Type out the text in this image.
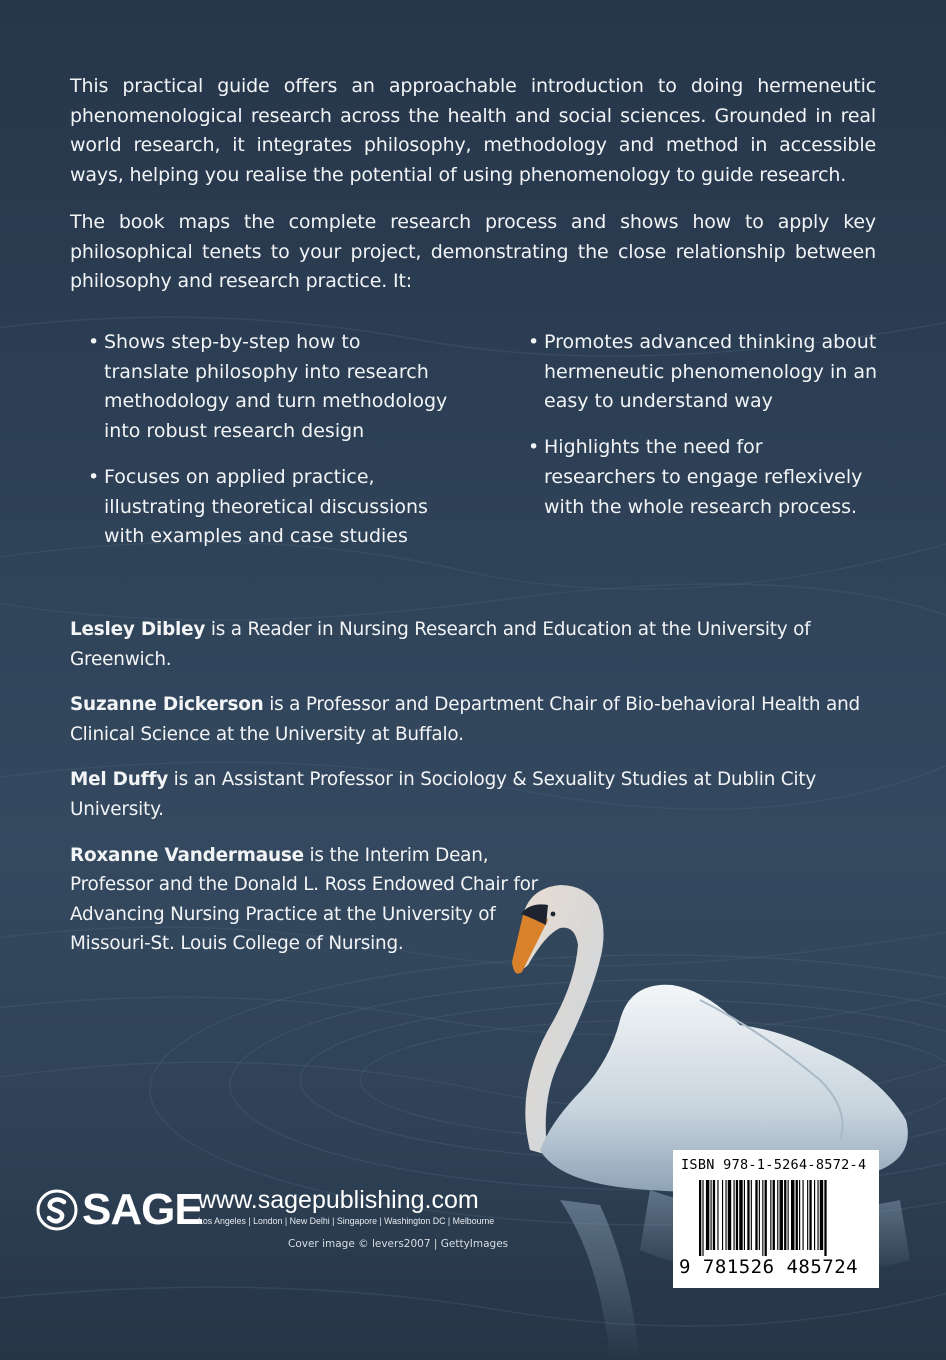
This practical guide offers an approachable introduction to doing hermeneutic phenomenological research across the health and social sciences. Grounded in real world research, it integrates philosophy, methodology and method in accessible ways, helping you realise the potential of using phenomenology to guide research.

The book maps the complete research process and shows how to apply key philosophical tenets to your project, demonstrating the close relationship between philosophy and research practice. It:

• Shows step-by-step how to translate philosophy into research methodology and turn methodology into robust research design
• Focuses on applied practice, illustrating theoretical discussions with examples and case studies
• Promotes advanced thinking about hermeneutic phenomenology in an easy to understand way
• Highlights the need for researchers to engage reflexively with the whole research process.
Lesley Dibley is a Reader in Nursing Research and Education at the University of Greenwich.
Suzanne Dickerson is a Professor and Department Chair of Bio-behavioral Health and Clinical Science at the University at Buffalo.
Mel Duffy is an Assistant Professor in Sociology & Sexuality Studies at Dublin City University.
Roxanne Vandermause is the Interim Dean, Professor and the Donald L. Ross Endowed Chair for Advancing Nursing Practice at the University of Missouri-St. Louis College of Nursing.
SAGE
www.sagepublishing.com
Los Angeles | London | New Delhi | Singapore | Washington DC | Melbourne
Cover image © levers2007 | GettyImages
ISBN 978-1-5264-8572-4
9 781526 485724
